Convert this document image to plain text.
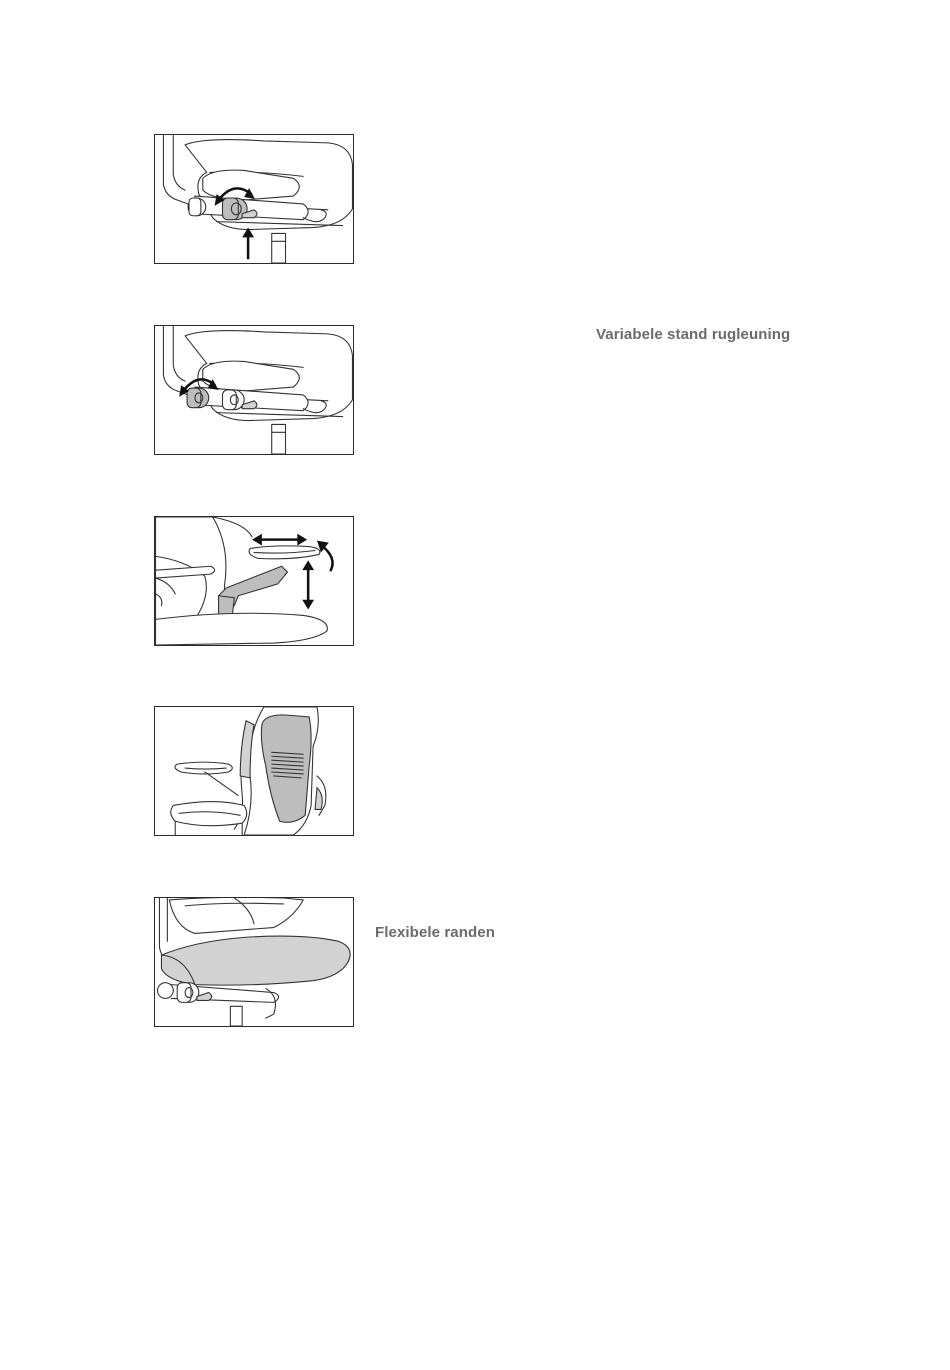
Variabele stand rugleuning
Flexibele randen
